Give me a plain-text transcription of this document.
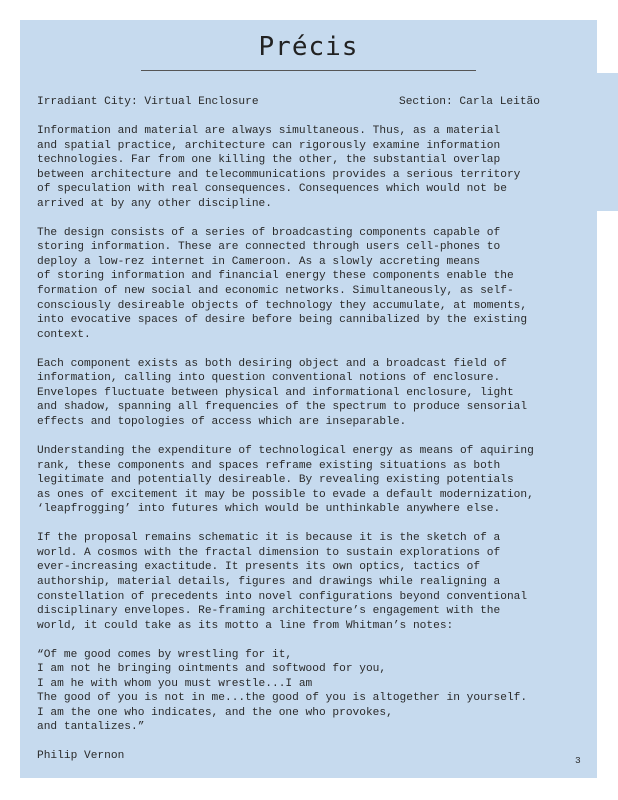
Précis
Irradiant City: Virtual Enclosure	Section: Carla Leitão

Information and material are always simultaneous. Thus, as a material
and spatial practice, architecture can rigorously examine information
technologies. Far from one killing the other, the substantial overlap
between architecture and telecommunications provides a serious territory
of speculation with real consequences. Consequences which would not be
arrived at by any other discipline.

The design consists of a series of broadcasting components capable of
storing information. These are connected through users cell-phones to
deploy a low-rez internet in Cameroon. As a slowly accreting means
of storing information and financial energy these components enable the
formation of new social and economic networks. Simultaneously, as self-
consciously desireable objects of technology they accumulate, at moments,
into evocative spaces of desire before being cannibalized by the existing
context.

Each component exists as both desiring object and a broadcast field of
information, calling into question conventional notions of enclosure.
Envelopes fluctuate between physical and informational enclosure, light
and shadow, spanning all frequencies of the spectrum to produce sensorial
effects and topologies of access which are inseparable.

Understanding the expenditure of technological energy as means of aquiring
rank, these components and spaces reframe existing situations as both
legitimate and potentially desireable. By revealing existing potentials
as ones of excitement it may be possible to evade a default modernization,
‘leapfrogging’ into futures which would be unthinkable anywhere else.

If the proposal remains schematic it is because it is the sketch of a
world. A cosmos with the fractal dimension to sustain explorations of
ever-increasing exactitude. It presents its own optics, tactics of
authorship, material details, figures and drawings while realigning a
constellation of precedents into novel configurations beyond conventional
disciplinary envelopes. Re-framing architecture’s engagement with the
world, it could take as its motto a line from Whitman’s notes:

“Of me good comes by wrestling for it,
I am not he bringing ointments and softwood for you,
I am he with whom you must wrestle...I am
The good of you is not in me...the good of you is altogether in yourself.
I am the one who indicates, and the one who provokes,
and tantalizes.”

Philip Vernon	3
